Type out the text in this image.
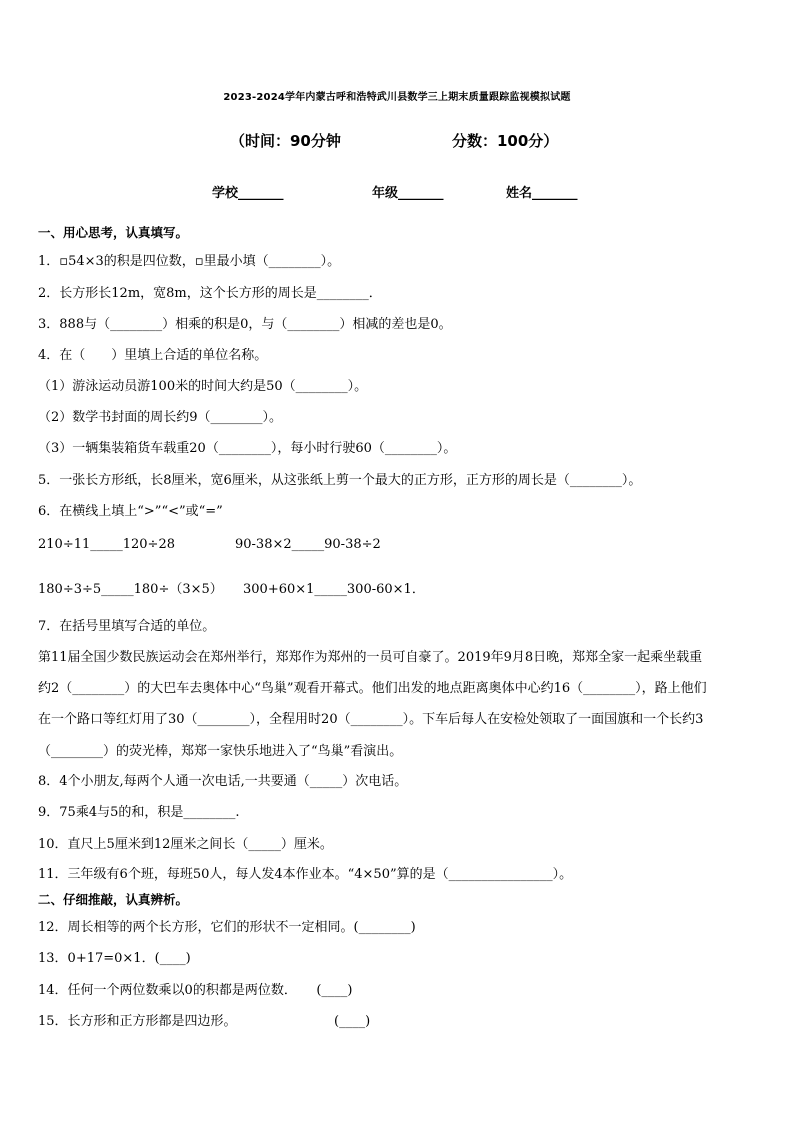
2023-2024学年内蒙古呼和浩特武川县数学三上期末质量跟踪监视模拟试题
（时间：90分钟	分数：100分）
学校_______	年级_______	姓名_______
一、用心思考，认真填写。
1．▫54×3的积是四位数，▫里最小填（________）。
2．长方形长12m，宽8m，这个长方形的周长是________．
3．888与（________）相乘的积是0，与（________）相减的差也是0。
4．在（　　）里填上合适的单位名称。
（1）游泳运动员游100米的时间大约是50（________）。
（2）数学书封面的周长约9（________）。
（3）一辆集装箱货车载重20（________），每小时行驶60（________）。
5．一张长方形纸，长8厘米，宽6厘米，从这张纸上剪一个最大的正方形，正方形的周长是（________）。
6．在横线上填上“>”“<”或“=”
210÷11_____120÷28	90-38×2_____90-38÷2
180÷3÷5_____180÷（3×5） 300+60×1_____300-60×1．
7．在括号里填写合适的单位。
第11届全国少数民族运动会在郑州举行，郑郑作为郑州的一员可自豪了。2019年9月8日晚，郑郑全家一起乘坐载重
约2（________）的大巴车去奥体中心“鸟巢”观看开幕式。他们出发的地点距离奥体中心约16（________），路上他们
在一个路口等红灯用了30（________），全程用时20（________）。下车后每人在安检处领取了一面国旗和一个长约3
（________）的荧光棒，郑郑一家快乐地进入了“鸟巢”看演出。
8．4个小朋友,每两个人通一次电话,一共要通（_____）次电话。
9．75乘4与5的和，积是________.
10．直尺上5厘米到12厘米之间长（_____）厘米。
11．三年级有6个班，每班50人，每人发4本作业本。“4×50”算的是（________________）。
二、仔细推敲，认真辨析。
12．周长相等的两个长方形，它们的形状不一定相同。(________)
13．0+17=0×1．(____)
14．任何一个两位数乘以0的积都是两位数．　　(____)
15．长方形和正方形都是四边形。　　　　　　　　(____)
